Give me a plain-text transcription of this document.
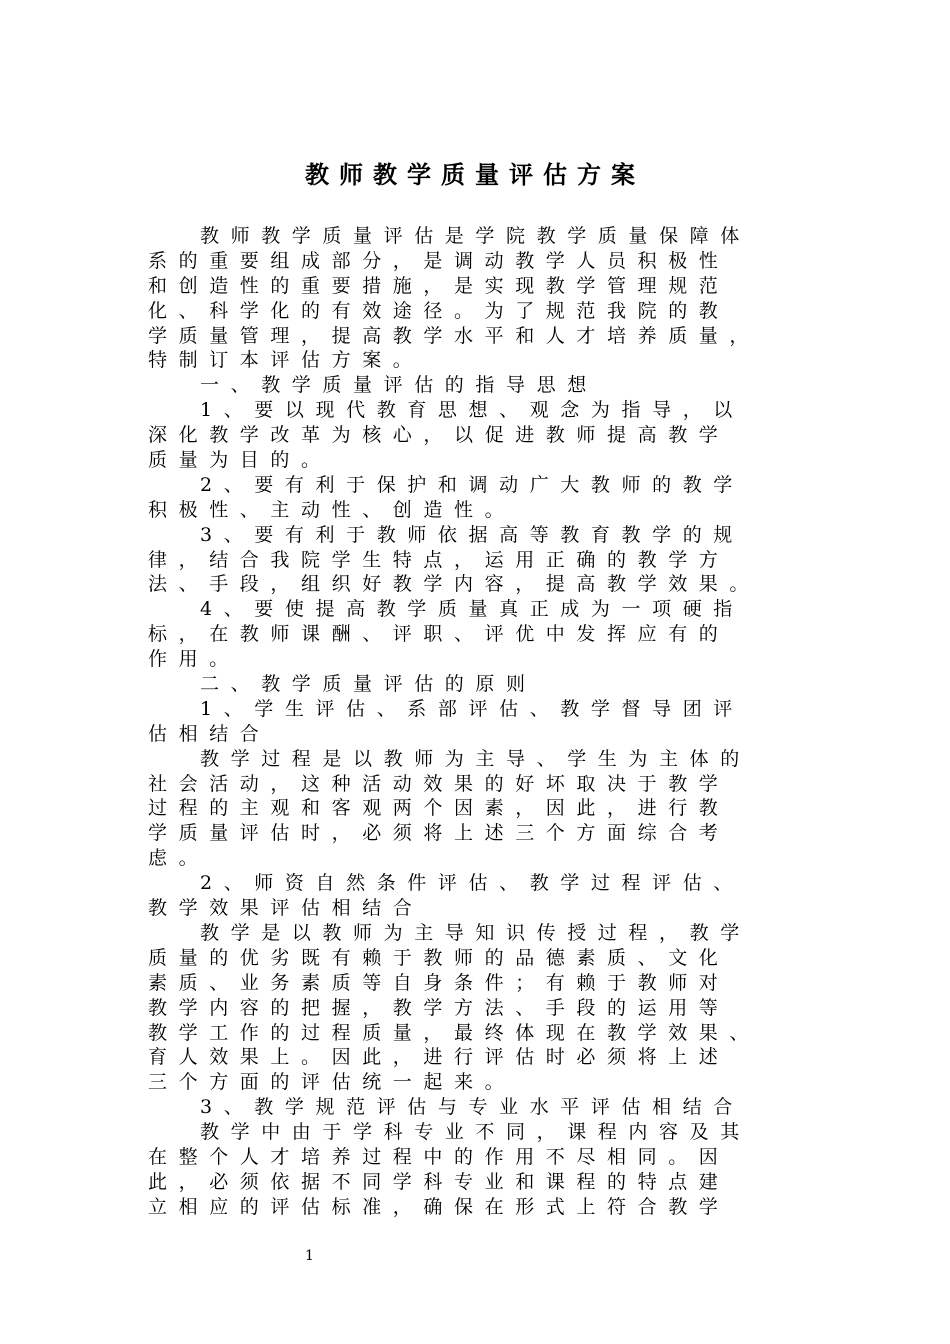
教师教学质量评估方案
教师教学质量评估是学院教学质量保障体
系的重要组成部分，是调动教学人员积极性
和创造性的重要措施，是实现教学管理规范
化、科学化的有效途径。为了规范我院的教
学质量管理，提高教学水平和人才培养质量，
特制订本评估方案。
一、教学质量评估的指导思想
1、要以现代教育思想、观念为指导，以
深化教学改革为核心，以促进教师提高教学
质量为目的。
2、要有利于保护和调动广大教师的教学
积极性、主动性、创造性。
3、要有利于教师依据高等教育教学的规
律，结合我院学生特点，运用正确的教学方
法、手段，组织好教学内容，提高教学效果。
4、要使提高教学质量真正成为一项硬指
标，在教师课酬、评职、评优中发挥应有的
作用。
二、教学质量评估的原则
1、学生评估、系部评估、教学督导团评
估相结合
教学过程是以教师为主导、学生为主体的
社会活动，这种活动效果的好坏取决于教学
过程的主观和客观两个因素，因此，进行教
学质量评估时，必须将上述三个方面综合考
虑。
2、师资自然条件评估、教学过程评估、
教学效果评估相结合
教学是以教师为主导知识传授过程，教学
质量的优劣既有赖于教师的品德素质、文化
素质、业务素质等自身条件；有赖于教师对
教学内容的把握，教学方法、手段的运用等
教学工作的过程质量，最终体现在教学效果、
育人效果上。因此，进行评估时必须将上述
三个方面的评估统一起来。
3、教学规范评估与专业水平评估相结合
教学中由于学科专业不同，课程内容及其
在整个人才培养过程中的作用不尽相同。因
此，必须依据不同学科专业和课程的特点建
立相应的评估标准，确保在形式上符合教学
1
